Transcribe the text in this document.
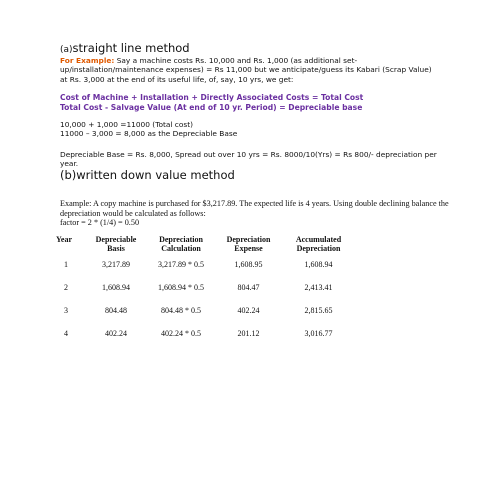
(a)straight line method
For Example: Say a machine costs Rs. 10,000 and Rs. 1,000 (as additional set-up/installation/maintenance expenses) = Rs 11,000 but we anticipate/guess its Kabari (Scrap Value) at Rs. 3,000 at the end of its useful life, of, say, 10 yrs, we get:
Cost of Machine + Installation + Directly Associated Costs = Total Cost
Total Cost - Salvage Value (At end of 10 yr. Period) = Depreciable base
10,000 + 1,000 =11000 (Total cost)
11000 – 3,000 = 8,000 as the Depreciable Base
Depreciable Base = Rs. 8,000, Spread out over 10 yrs = Rs. 8000/10(Yrs) = Rs 800/- depreciation per year.
(b)written down value method
Example: A copy machine is purchased for $3,217.89. The expected life is 4 years. Using double declining balance the depreciation would be calculated as follows:
factor = 2 * (1/4) = 0.50
Year	Depreciable Basis	Depreciation Calculation	Depreciation Expense	Accumulated Depreciation
1	3,217.89	3,217.89 * 0.5	1,608.95	1,608.94
2	1,608.94	1,608.94 * 0.5	804.47	2,413.41
3	804.48	804.48 * 0.5	402.24	2,815.65
4	402.24	402.24 * 0.5	201.12	3,016.77
